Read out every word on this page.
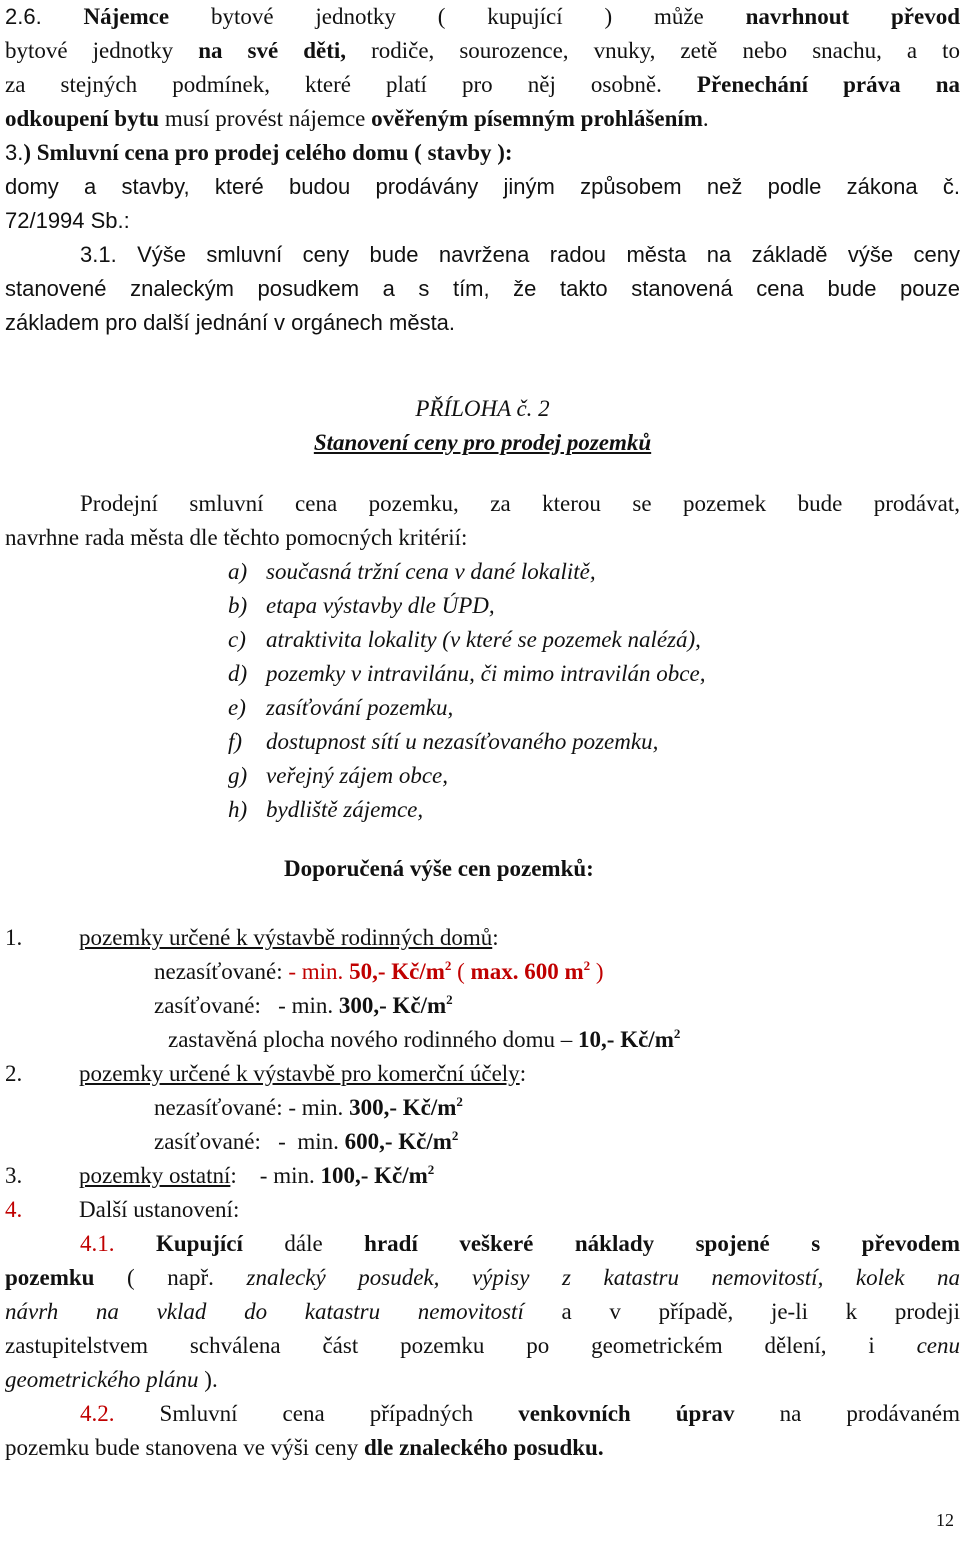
2.6. Nájemce bytové jednotky ( kupující ) může navrhnout převod
bytové jednotky na své děti, rodiče, sourozence, vnuky, zetě nebo snachu, a to
za stejných podmínek, které platí pro něj osobně. Přenechání práva na
odkoupení bytu musí provést nájemce ověřeným písemným prohlášením.
3.) Smluvní cena pro prodej celého domu ( stavby ):
domy a stavby, které budou prodávány jiným způsobem než podle zákona č.
72/1994 Sb.:
3.1. Výše smluvní ceny bude navržena radou města na základě výše ceny
stanovené znaleckým posudkem a s tím, že takto stanovená cena bude pouze
základem pro další jednání v orgánech města.
PŘÍLOHA č. 2
Stanovení ceny pro prodej pozemků
Prodejní smluvní cena pozemku, za kterou se pozemek bude prodávat,
navrhne rada města dle těchto pomocných kritérií:
a) současná tržní cena v dané lokalitě,
b) etapa výstavby dle ÚPD,
c) atraktivita lokality (v které se pozemek nalézá),
d) pozemky v intravilánu, či mimo intravilán obce,
e) zasíťování pozemku,
f) dostupnost sítí u nezasíťovaného pozemku,
g) veřejný zájem obce,
h) bydliště zájemce,
Doporučená výše cen pozemků:
1. pozemky určené k výstavbě rodinných domů:
nezasíťované: - min. 50,- $Kč/m^2$ ( max. 600 $m^2$ )
zasíťované:   - min. 300,- $Kč/m^2$
zastavěná plocha nového rodinného domu – 10,- $Kč/m^2$
2. pozemky určené k výstavbě pro komerční účely:
nezasíťované: - min. 300,- $Kč/m^2$
zasíťované:   -  min. 600,- $Kč/m^2$
3. pozemky ostatní:    - min. 100,- $Kč/m^2$
4. Další ustanovení:
4.1. Kupující dále hradí veškeré náklady spojené s převodem
pozemku ( např. znalecký posudek, výpisy z katastru nemovitostí, kolek na
návrh na vklad do katastru nemovitostí a v případě, je-li k prodeji
zastupitelstvem schválena část pozemku po geometrickém dělení, i cenu
geometrického plánu ).
4.2. Smluvní cena případných venkovních úprav na prodávaném
pozemku bude stanovena ve výši ceny dle znaleckého posudku.
12
